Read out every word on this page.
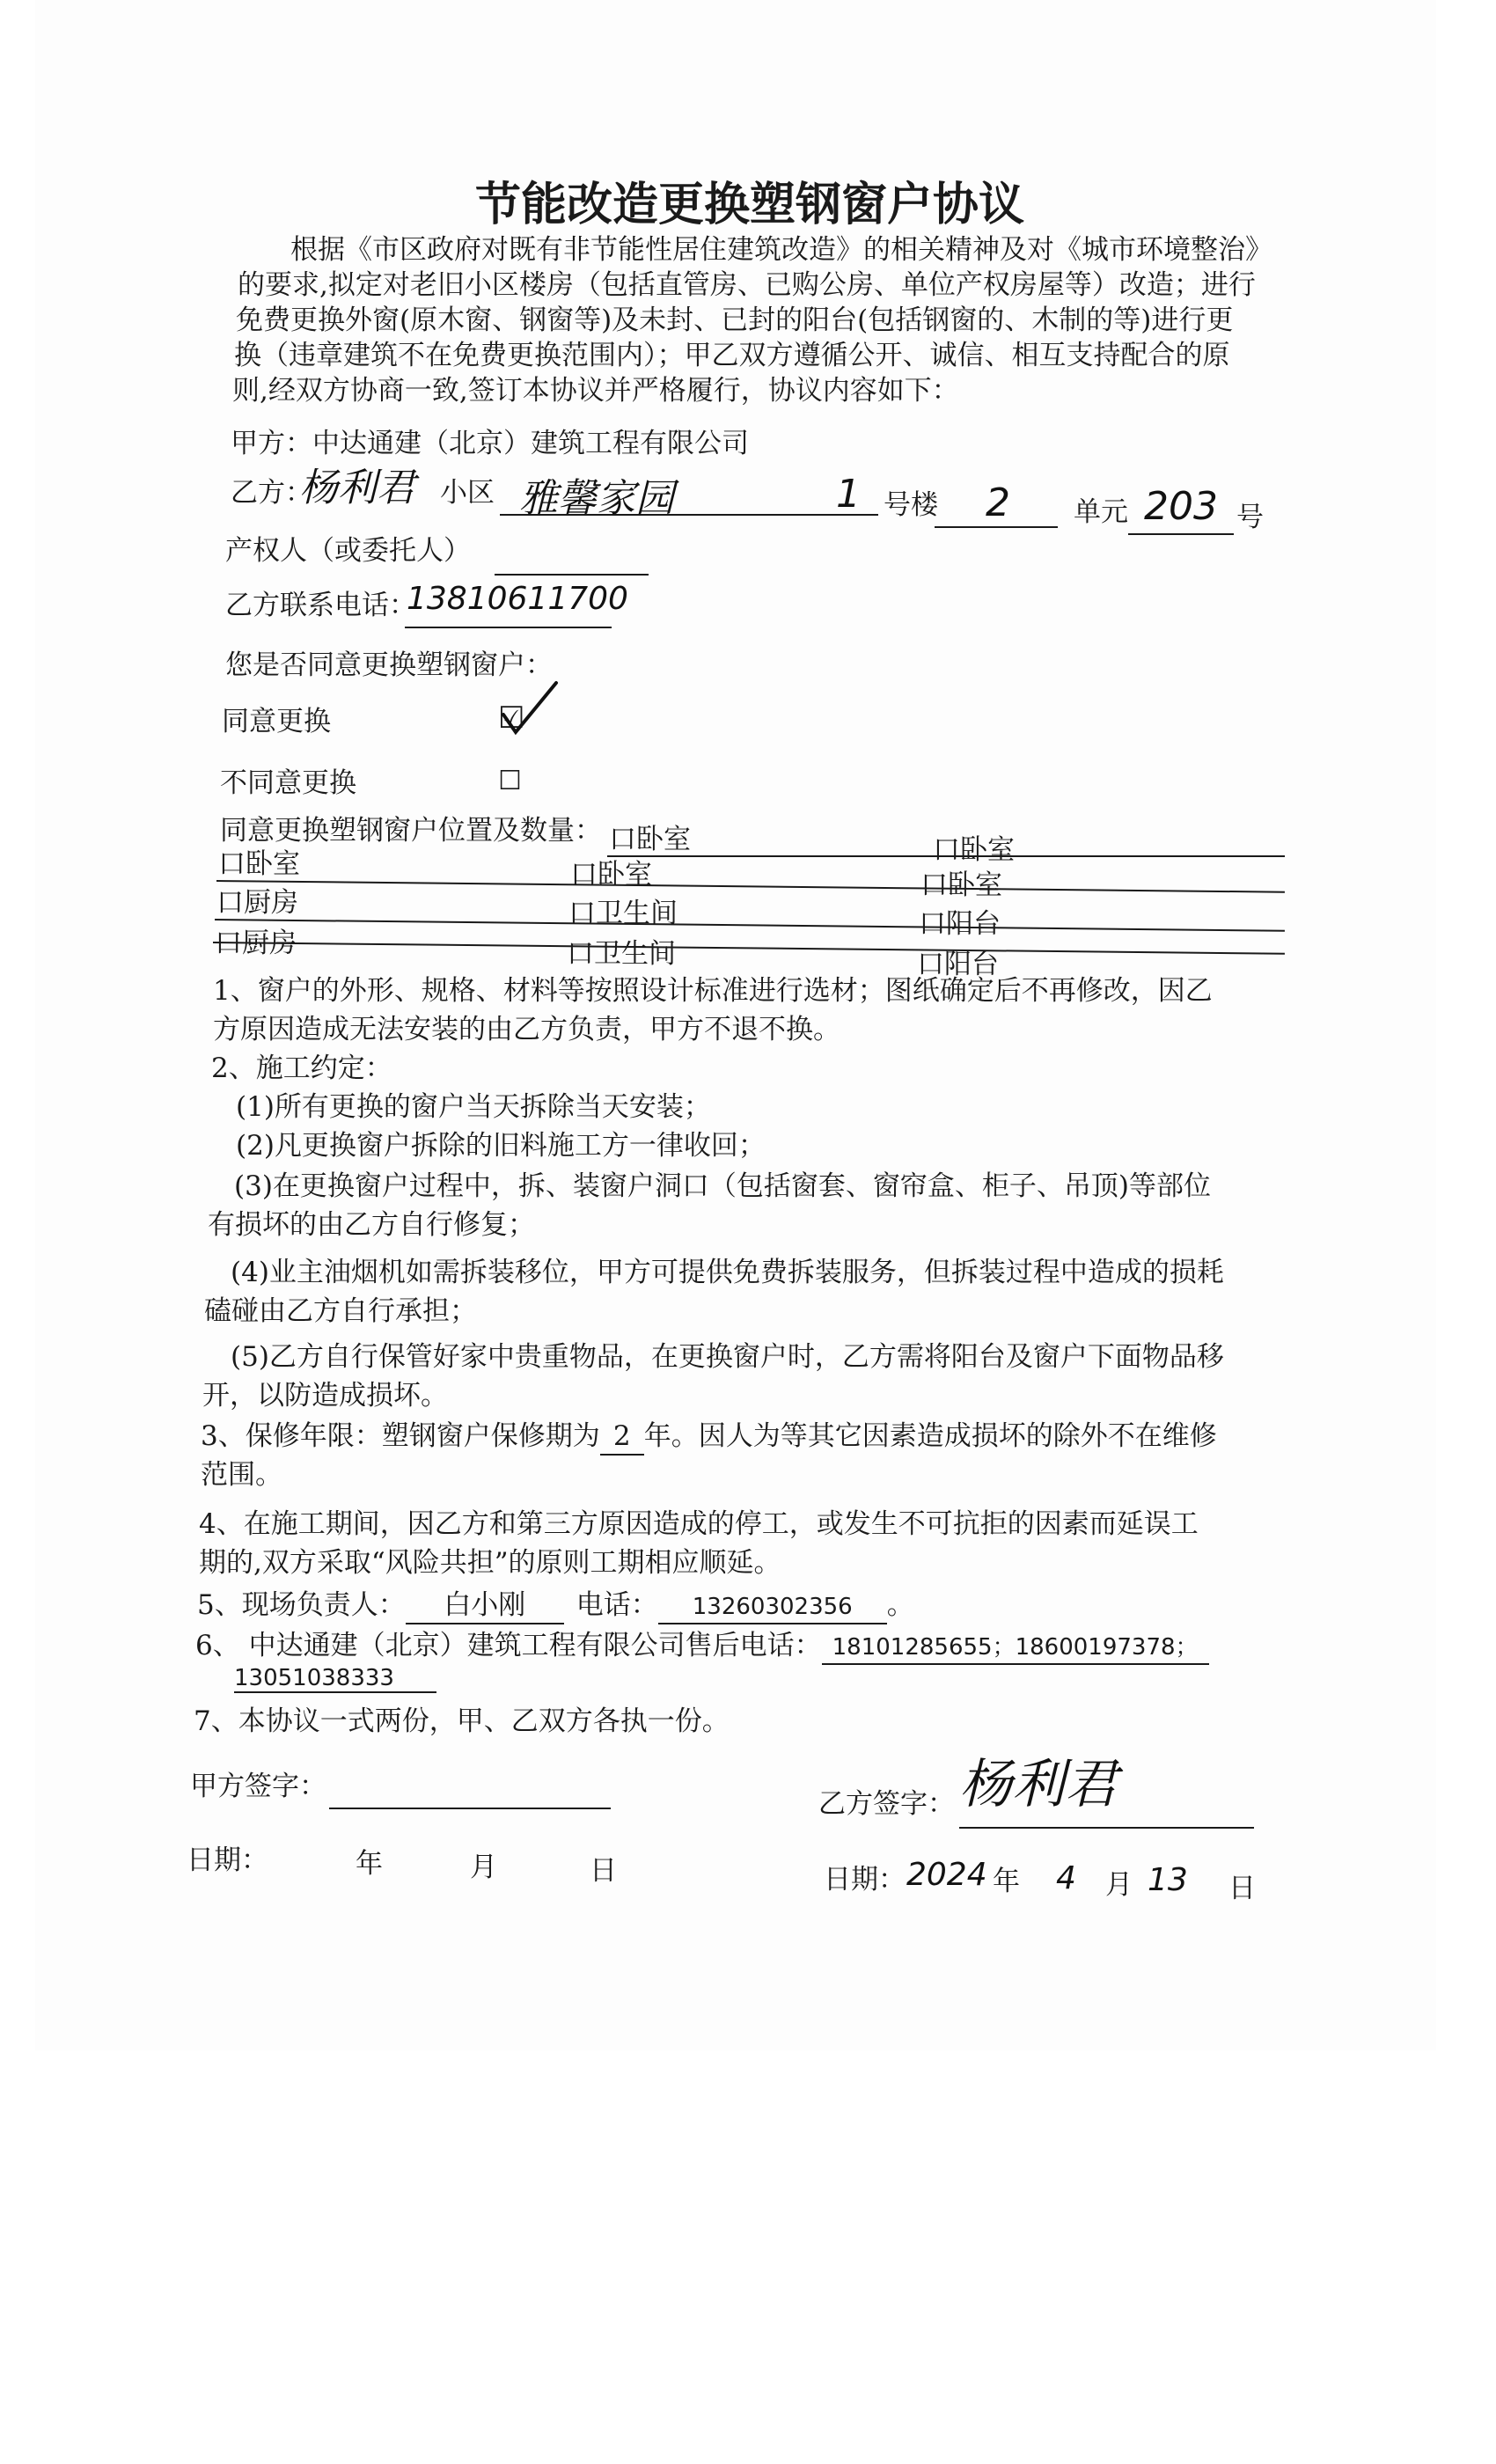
节能改造更换塑钢窗户协议
根据《市区政府对既有非节能性居住建筑改造》的相关精神及对《城市环境整治》
的要求,拟定对老旧小区楼房（包括直管房、已购公房、单位产权房屋等）改造；进行
免费更换外窗(原木窗、钢窗等)及未封、已封的阳台(包括钢窗的、木制的等)进行更
换（违章建筑不在免费更换范围内）；甲乙双方遵循公开、诚信、相互支持配合的原
则,经双方协商一致,签订本协议并严格履行，协议内容如下：
甲方：中达通建（北京）建筑工程有限公司
乙方：
杨利君 小区 雅馨家园	1 号楼 2 单元 203 号
产权人（或委托人）
乙方联系电话：
13810611700
您是否同意更换塑钢窗户：
同意更换	☑
不同意更换	☐
同意更换塑钢窗户位置及数量： 口卧室	口卧室
口卧室	口卧室	口卧室
口厨房	口卫生间	口阳台
口厨房	口卫生间	口阳台
1、窗户的外形、规格、材料等按照设计标准进行选材；图纸确定后不再修改，因乙
方原因造成无法安装的由乙方负责，甲方不退不换。
2、施工约定：
(1)所有更换的窗户当天拆除当天安装；
(2)凡更换窗户拆除的旧料施工方一律收回；
(3)在更换窗户过程中，拆、装窗户洞口（包括窗套、窗帘盒、柜子、吊顶)等部位
有损坏的由乙方自行修复；
(4)业主油烟机如需拆装移位，甲方可提供免费拆装服务，但拆装过程中造成的损耗
磕碰由乙方自行承担；
(5)乙方自行保管好家中贵重物品，在更换窗户时，乙方需将阳台及窗户下面物品移
开，以防造成损坏。
3、保修年限：塑钢窗户保修期为 2 年。因人为等其它因素造成损坏的除外不在维修
范围。
4、在施工期间，因乙方和第三方原因造成的停工，或发生不可抗拒的因素而延误工
期的,双方采取“风险共担”的原则工期相应顺延。
5、现场负责人： 白小刚 电话： 13260302356 。
6、 中达通建（北京）建筑工程有限公司售后电话： 18101285655；18600197378；
13051038333
7、本协议一式两份，甲、乙双方各执一份。
甲方签字：
乙方签字： 杨利君
日期：	年	月	日	日期： 2024 年 4 月 13 日
